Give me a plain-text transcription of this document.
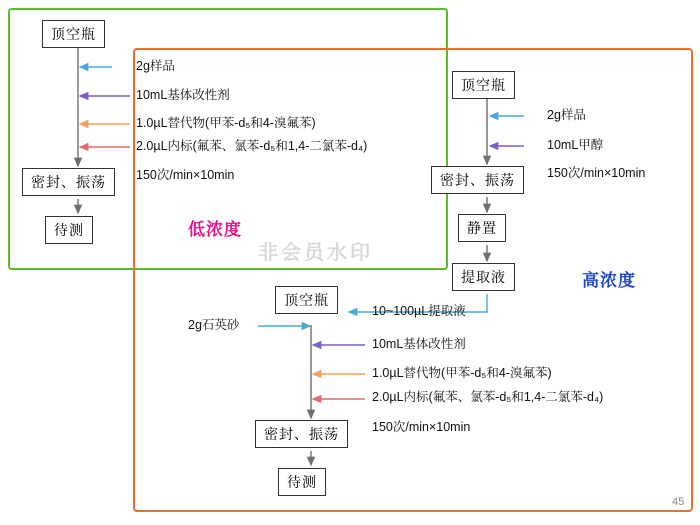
非会员水印
顶空瓶
密封、振荡
待测
2g样品
10mL基体改性剂
1.0µL替代物(甲苯-d₅和4-溴氟苯)
2.0µL内标(氟苯、氯苯-d₅和1,4-二氯苯-d₄)
150次/min×10min
低浓度
顶空瓶
密封、振荡
静置
提取液
顶空瓶
密封、振荡
待测
2g样品
10mL甲醇
150次/min×10min
10~100µL提取液
2g石英砂
10mL基体改性剂
1.0µL替代物(甲苯-d₅和4-溴氟苯)
2.0µL内标(氟苯、氯苯-d₅和1,4-二氯苯-d₄)
150次/min×10min
高浓度
45
